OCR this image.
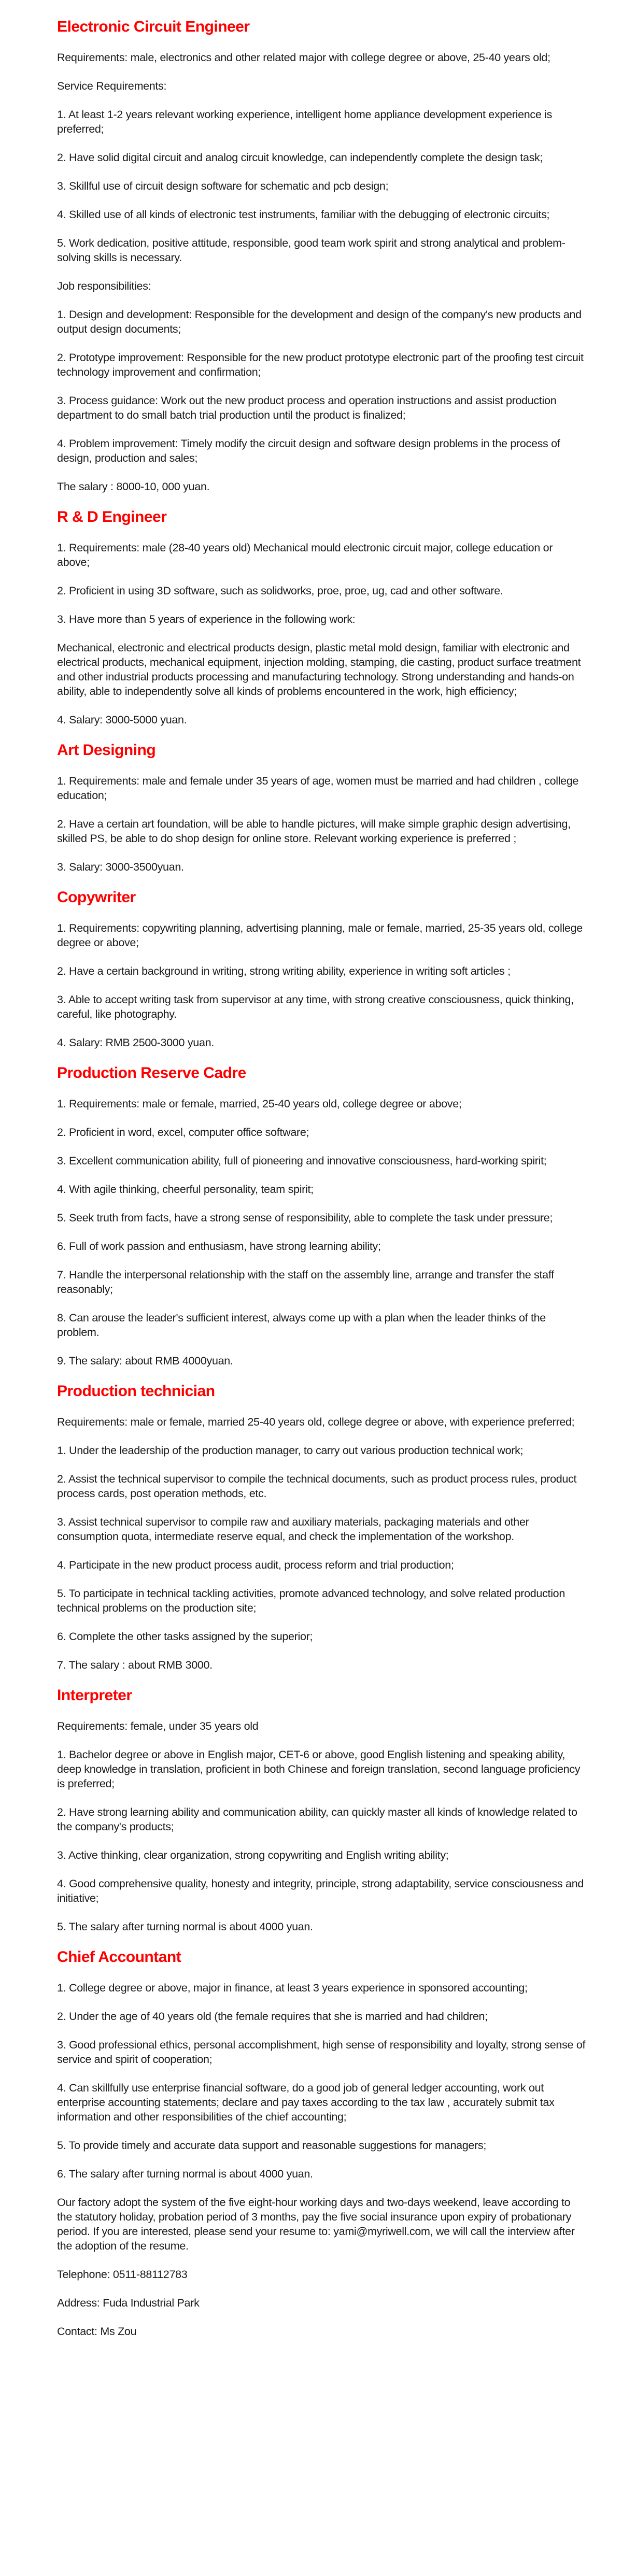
Electronic Circuit Engineer

Requirements: male, electronics and other related major with college degree or above, 25-40 years old;

Service Requirements:

1. At least 1-2 years relevant working experience, intelligent home appliance development experience is preferred;

2. Have solid digital circuit and analog circuit knowledge, can independently complete the design task;

3. Skillful use of circuit design software for schematic and pcb design;

4. Skilled use of all kinds of electronic test instruments, familiar with the debugging of electronic circuits;

5. Work dedication, positive attitude, responsible, good team work spirit and strong analytical and problem-solving skills is necessary.

Job responsibilities:

1. Design and development: Responsible for the development and design of the company's new products and output design documents;

2. Prototype improvement: Responsible for the new product prototype electronic part of the proofing test circuit technology improvement and confirmation;

3. Process guidance: Work out the new product process and operation instructions and assist production department to do small batch trial production until the product is finalized;

4. Problem improvement: Timely modify the circuit design and software design problems in the process of design, production and sales;

The salary : 8000-10, 000 yuan.

R & D Engineer

1. Requirements: male (28-40 years old) Mechanical mould electronic circuit major, college education or above;

2. Proficient in using 3D software, such as solidworks, proe, proe, ug, cad and other software.

3. Have more than 5 years of experience in the following work:

Mechanical, electronic and electrical products design, plastic metal mold design, familiar with electronic and electrical products, mechanical equipment, injection molding, stamping, die casting, product surface treatment and other industrial products processing and manufacturing technology. Strong understanding and hands-on ability, able to independently solve all kinds of problems encountered in the work, high efficiency;

4. Salary: 3000-5000 yuan.

Art Designing

1. Requirements: male and female under 35 years of age, women must be married and had children , college education;

2. Have a certain art foundation, will be able to handle pictures, will make simple graphic design advertising, skilled PS, be able to do shop design for online store. Relevant working experience is preferred ;

3. Salary: 3000-3500yuan.

Copywriter

1. Requirements: copywriting planning, advertising planning, male or female, married, 25-35 years old, college degree or above;

2. Have a certain background in writing, strong writing ability, experience in writing soft articles ;

3. Able to accept writing task from supervisor at any time, with strong creative consciousness, quick thinking, careful, like photography.

4. Salary: RMB 2500-3000 yuan.

Production Reserve Cadre

1. Requirements: male or female, married, 25-40 years old, college degree or above;

2. Proficient in word, excel, computer office software;

3. Excellent communication ability, full of pioneering and innovative consciousness, hard-working spirit;

4. With agile thinking, cheerful personality, team spirit;

5. Seek truth from facts, have a strong sense of responsibility, able to complete the task under pressure;

6. Full of work passion and enthusiasm, have strong learning ability;

7. Handle the interpersonal relationship with the staff on the assembly line, arrange and transfer the staff reasonably;

8. Can arouse the leader's sufficient interest, always come up with a plan when the leader thinks of the problem.

9. The salary: about RMB 4000yuan.

Production technician

Requirements: male or female, married 25-40 years old, college degree or above, with experience preferred;

1. Under the leadership of the production manager, to carry out various production technical work;

2. Assist the technical supervisor to compile the technical documents, such as product process rules, product process cards, post operation methods, etc.

3. Assist technical supervisor to compile raw and auxiliary materials, packaging materials and other consumption quota, intermediate reserve equal, and check the implementation of the workshop.

4. Participate in the new product process audit, process reform and trial production;

5. To participate in technical tackling activities, promote advanced technology, and solve related production technical problems on the production site;

6. Complete the other tasks assigned by the superior;

7. The salary : about RMB 3000.

Interpreter

Requirements: female, under 35 years old

1. Bachelor degree or above in English major, CET-6 or above, good English listening and speaking ability, deep knowledge in translation, proficient in both Chinese and foreign translation, second language proficiency is preferred;

2. Have strong learning ability and communication ability, can quickly master all kinds of knowledge related to the company's products;

3. Active thinking, clear organization, strong copywriting and English writing ability;

4. Good comprehensive quality, honesty and integrity, principle, strong adaptability, service consciousness and initiative;

5. The salary after turning normal is about 4000 yuan.

Chief Accountant

1. College degree or above, major in finance, at least 3 years experience in sponsored accounting;

2. Under the age of 40 years old (the female requires that she is married and had children;

3. Good professional ethics, personal accomplishment, high sense of responsibility and loyalty, strong sense of service and spirit of cooperation;

4. Can skillfully use enterprise financial software, do a good job of general ledger accounting, work out enterprise accounting statements; declare and pay taxes according to the tax law , accurately submit tax information and other responsibilities of the chief accounting;

5. To provide timely and accurate data support and reasonable suggestions for managers;

6. The salary after turning normal is about 4000 yuan.

Our factory adopt the system of the five eight-hour working days and two-days weekend, leave according to the statutory holiday, probation period of 3 months, pay the five social insurance upon expiry of probationary period. If you are interested, please send your resume to: yami@myriwell.com, we will call the interview after the adoption of the resume.

Telephone: 0511-88112783

Address: Fuda Industrial Park

Contact: Ms Zou
